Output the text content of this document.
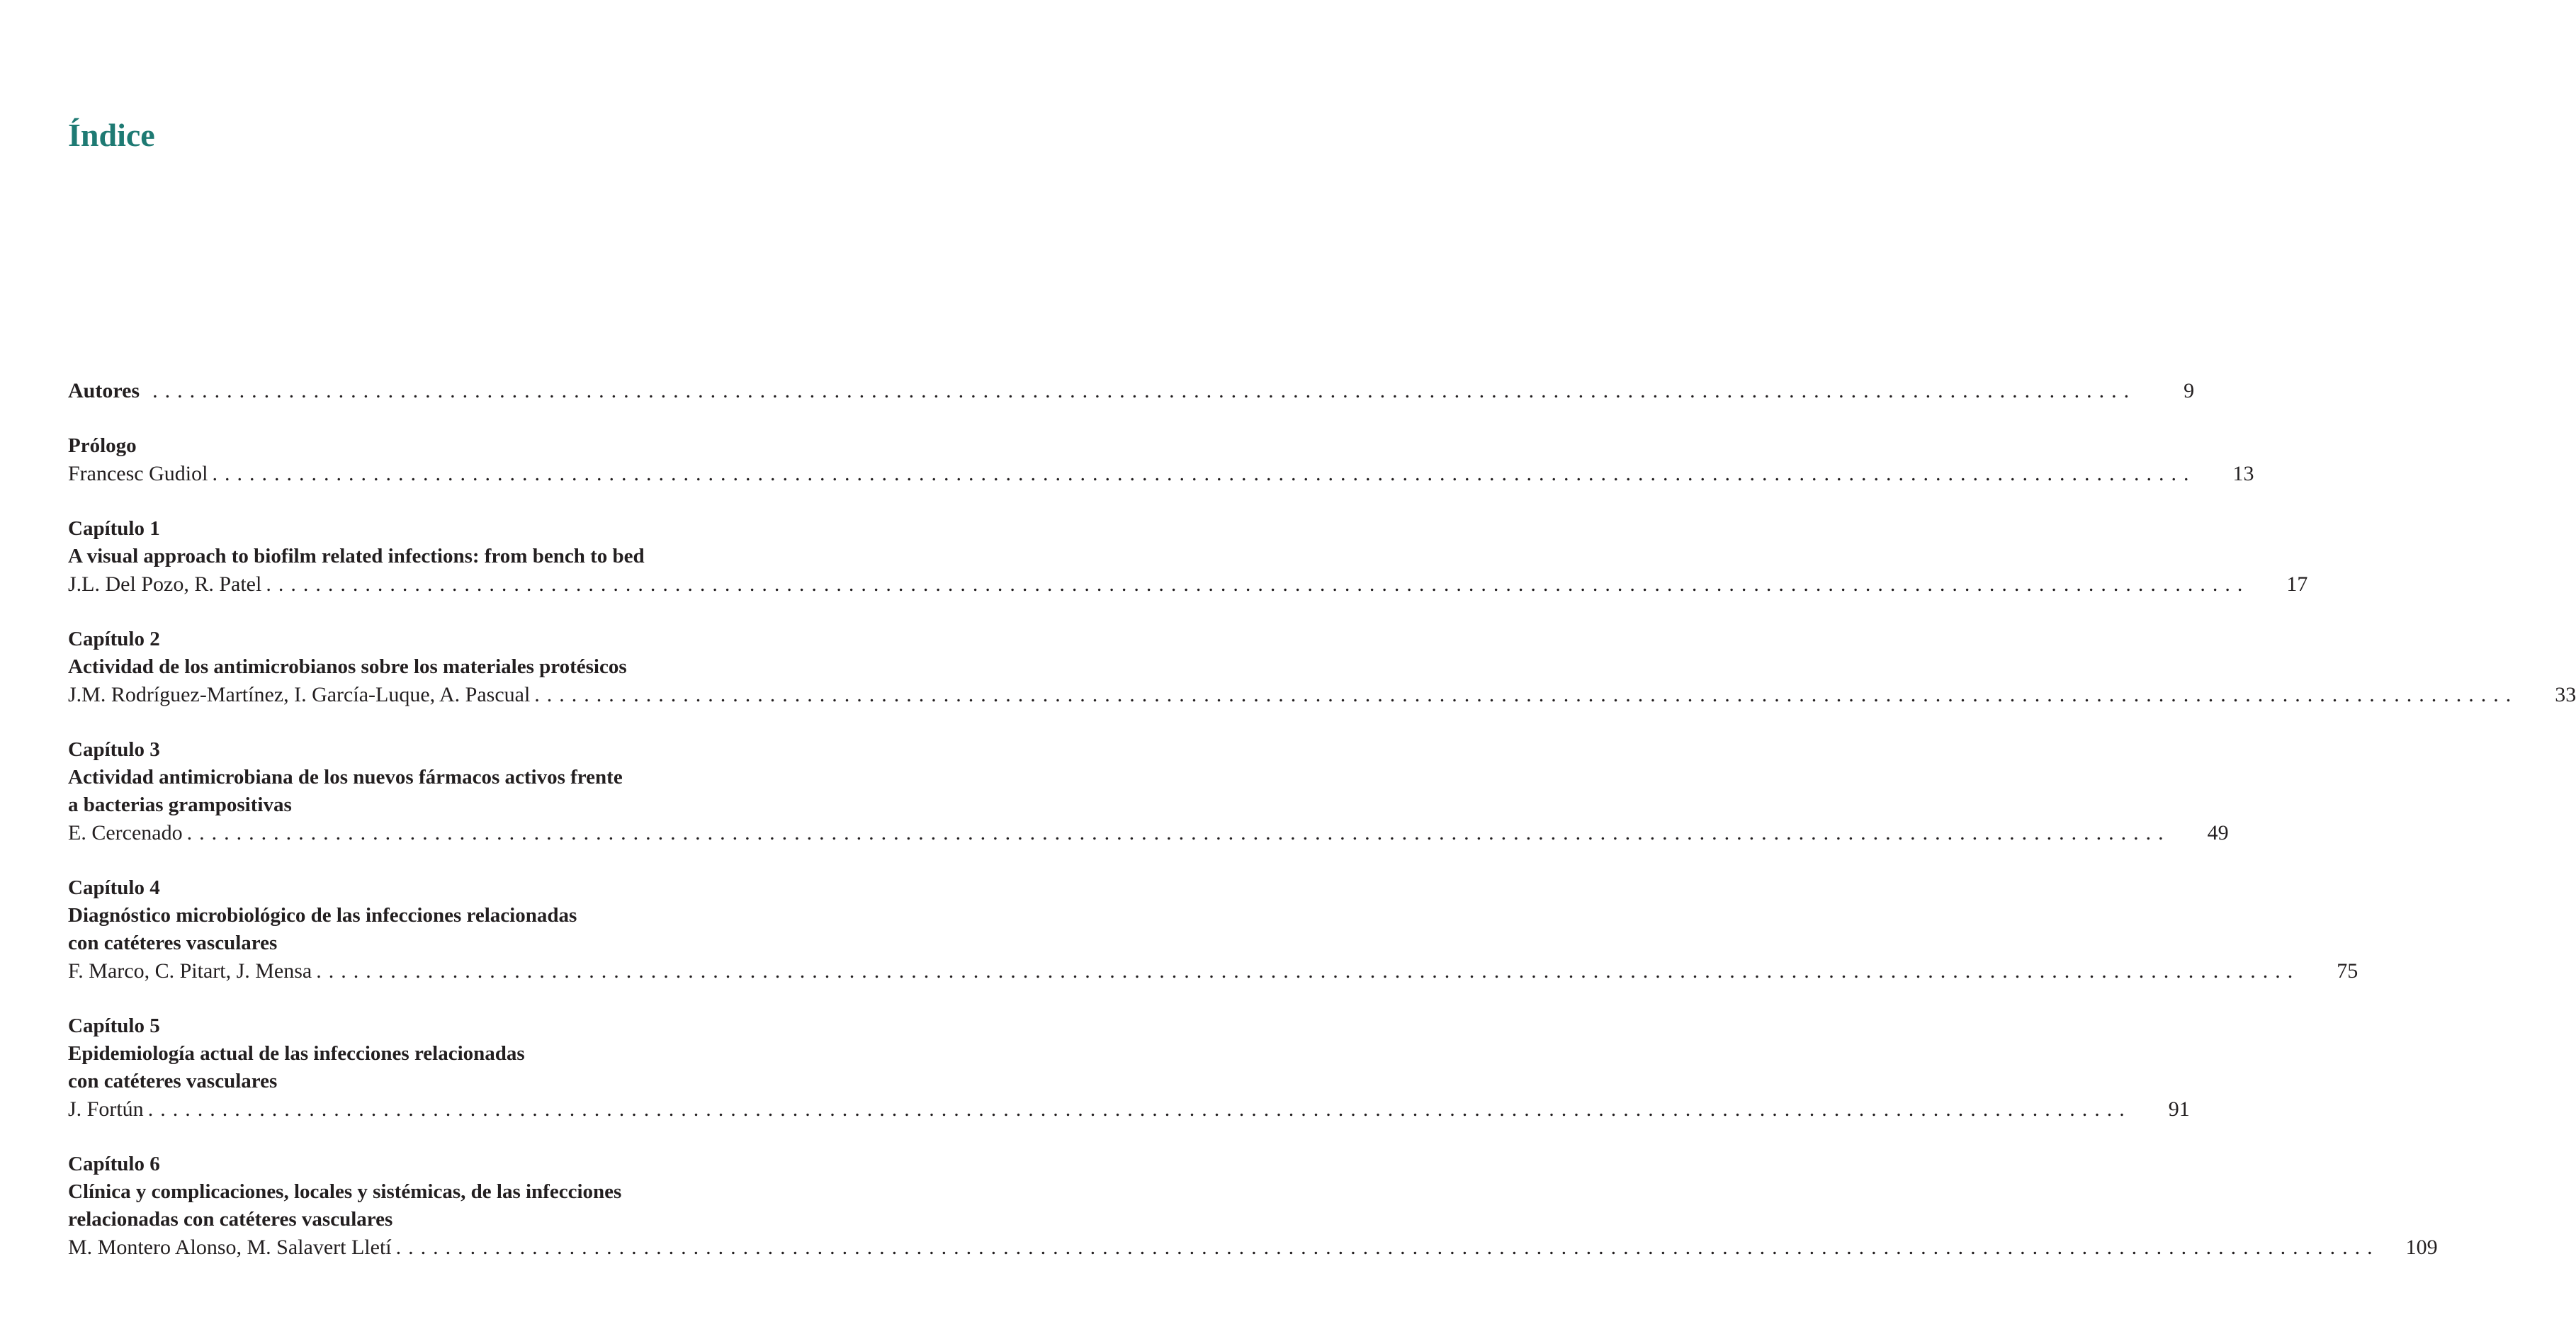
Índice
Autores ................................................................................................................................................................	9
Prólogo
Francesc Gudiol ................................................................................................................................................................	13
Capítulo 1
A visual approach to biofilm related infections: from bench to bed
J.L. Del Pozo, R. Patel ................................................................................................................................................................	17
Capítulo 2
Actividad de los antimicrobianos sobre los materiales protésicos
J.M. Rodríguez-Martínez, I. García-Luque, A. Pascual ................................................................................................................................................................	33
Capítulo 3
Actividad antimicrobiana de los nuevos fármacos activos frente
a bacterias grampositivas
E. Cercenado ................................................................................................................................................................	49
Capítulo 4
Diagnóstico microbiológico de las infecciones relacionadas
con catéteres vasculares
F. Marco, C. Pitart, J. Mensa ................................................................................................................................................................	75
Capítulo 5
Epidemiología actual de las infecciones relacionadas
con catéteres vasculares
J. Fortún ................................................................................................................................................................	91
Capítulo 6
Clínica y complicaciones, locales y sistémicas, de las infecciones
relacionadas con catéteres vasculares
M. Montero Alonso, M. Salavert Lletí ................................................................................................................................................................	109
